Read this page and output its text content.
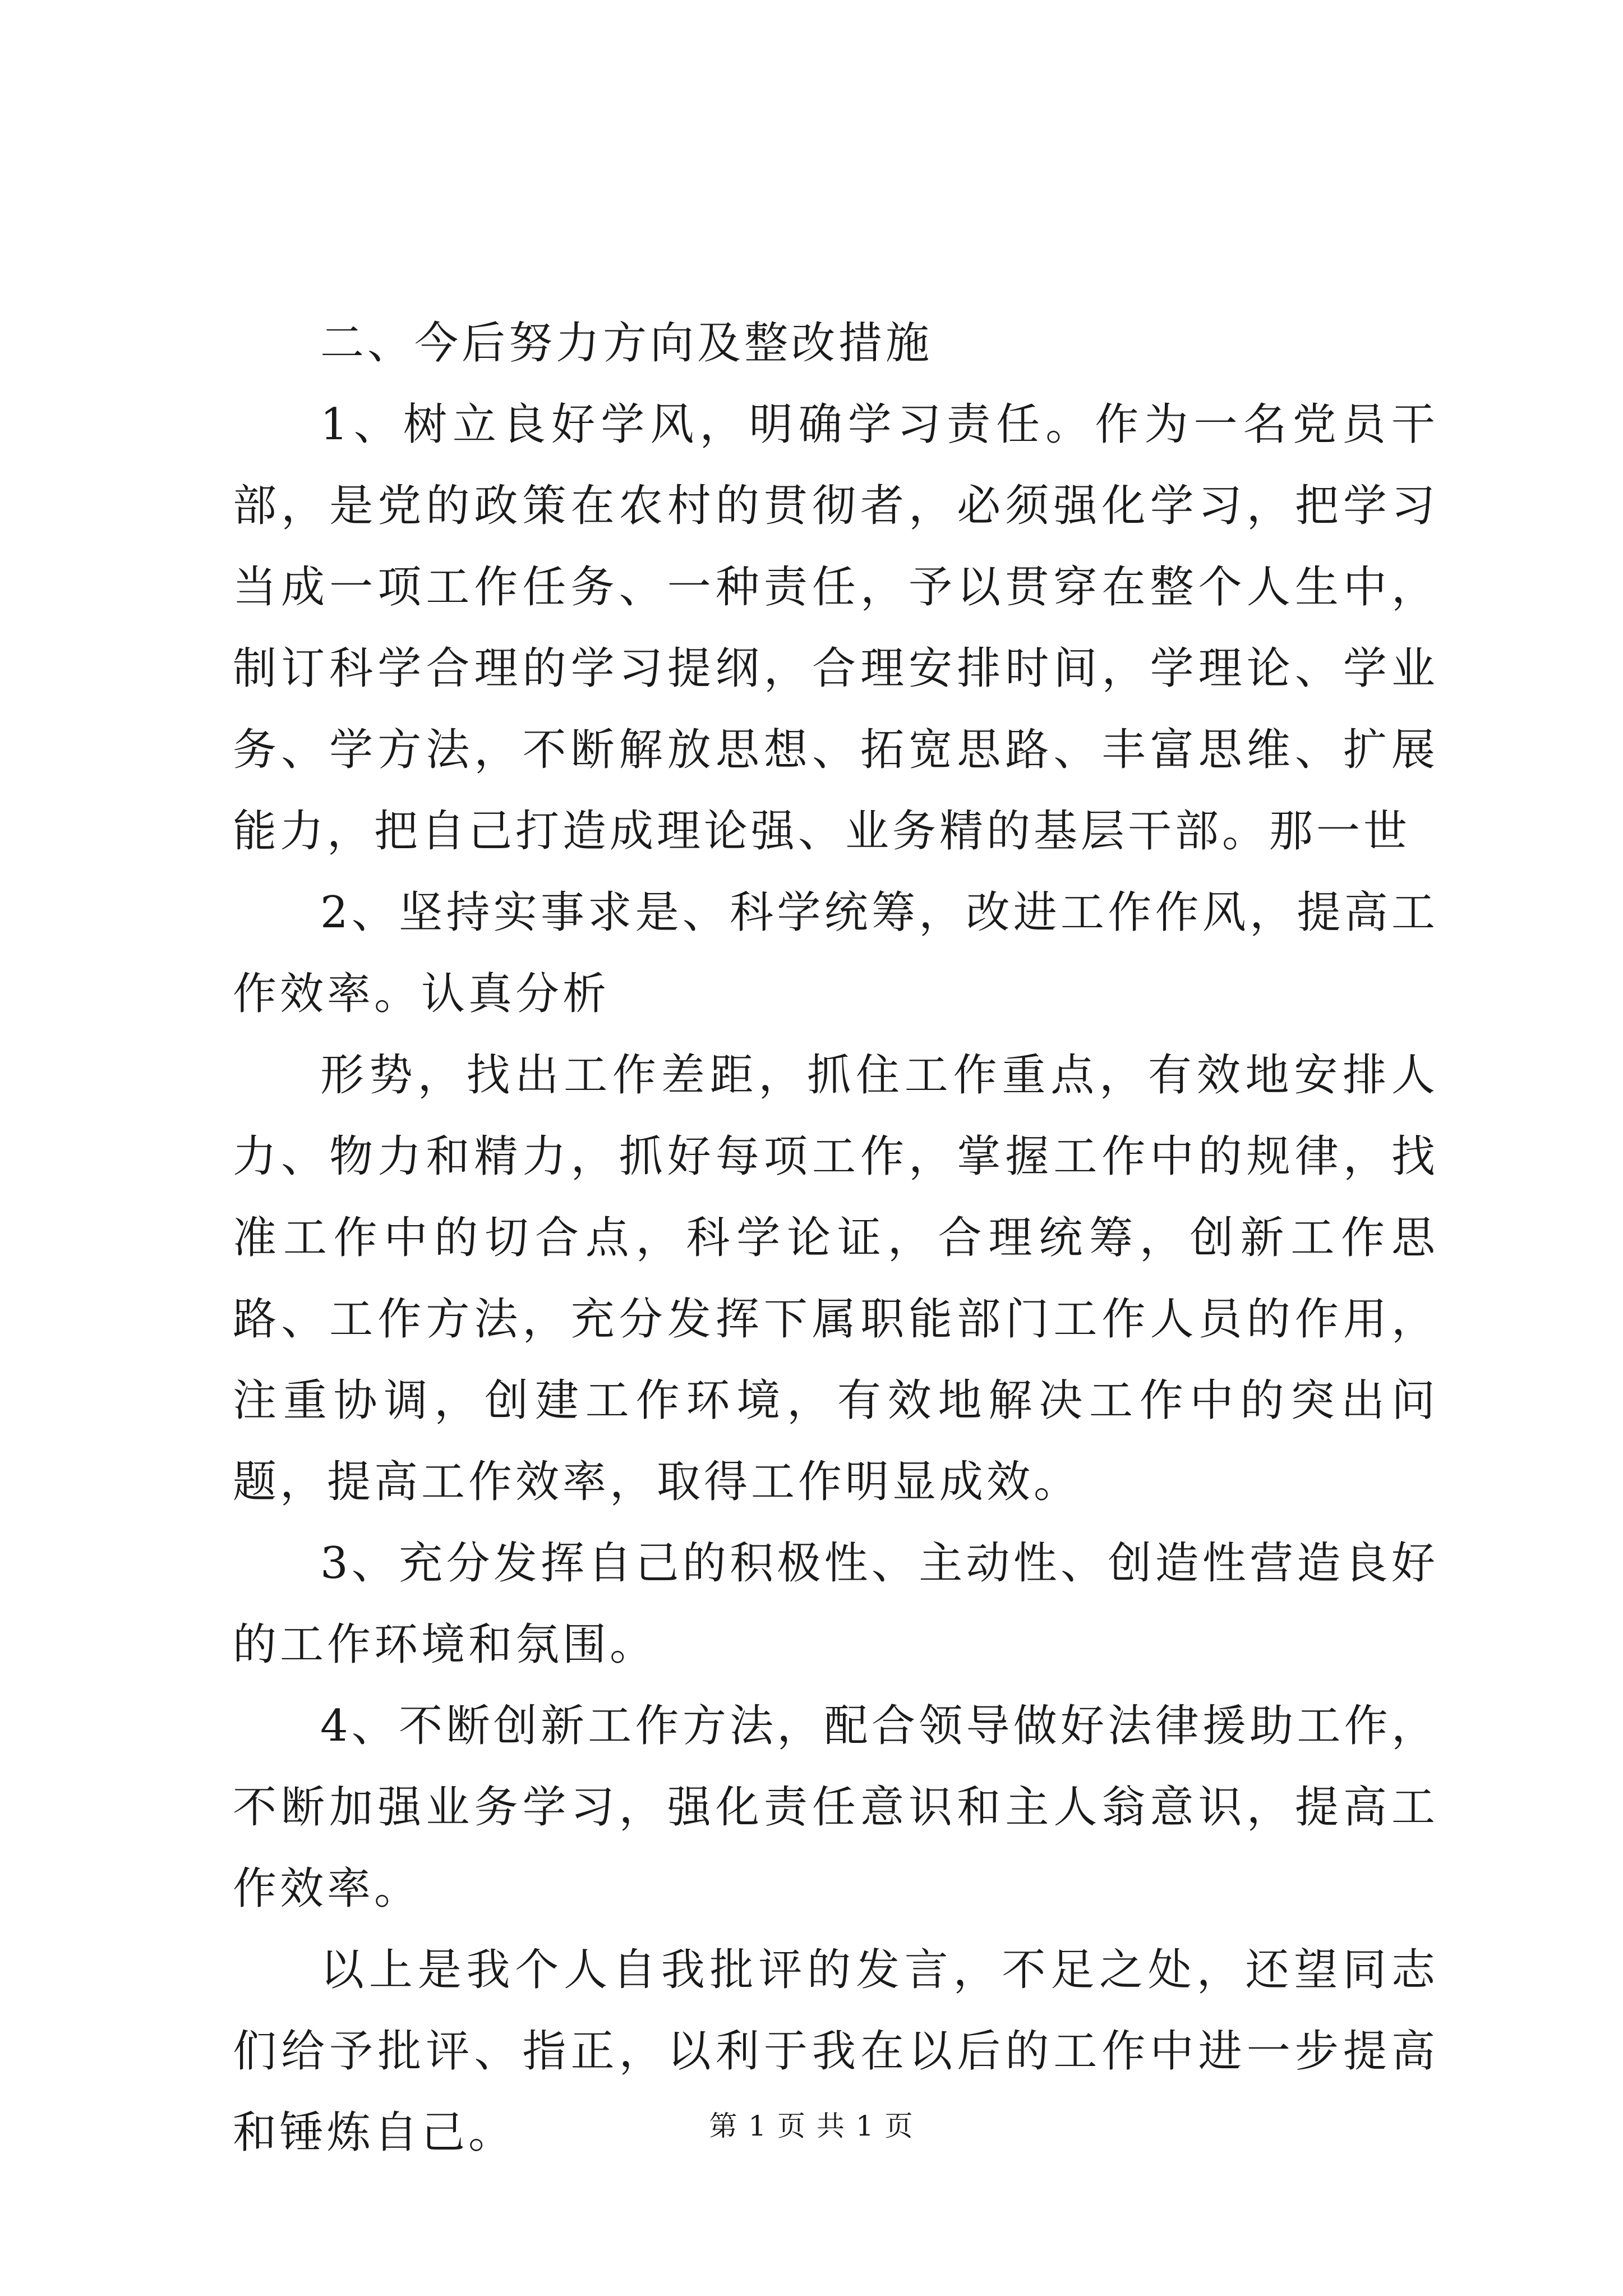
二、今后努力方向及整改措施

1、树立良好学风，明确学习责任。作为一名党员干部，是党的政策在农村的贯彻者，必须强化学习，把学习当成一项工作任务、一种责任，予以贯穿在整个人生中，制订科学合理的学习提纲，合理安排时间，学理论、学业务、学方法，不断解放思想、拓宽思路、丰富思维、扩展能力，把自己打造成理论强、业务精的基层干部。那一世

2、坚持实事求是、科学统筹，改进工作作风，提高工作效率。认真分析

形势，找出工作差距，抓住工作重点，有效地安排人力、物力和精力，抓好每项工作，掌握工作中的规律，找准工作中的切合点，科学论证，合理统筹，创新工作思路、工作方法，充分发挥下属职能部门工作人员的作用，注重协调，创建工作环境，有效地解决工作中的突出问题，提高工作效率，取得工作明显成效。

3、充分发挥自己的积极性、主动性、创造性营造良好的工作环境和氛围。

4、不断创新工作方法，配合领导做好法律援助工作，不断加强业务学习，强化责任意识和主人翁意识，提高工作效率。

以上是我个人自我批评的发言，不足之处，还望同志们给予批评、指正，以利于我在以后的工作中进一步提高和锤炼自己。	第 1 页 共 1 页
